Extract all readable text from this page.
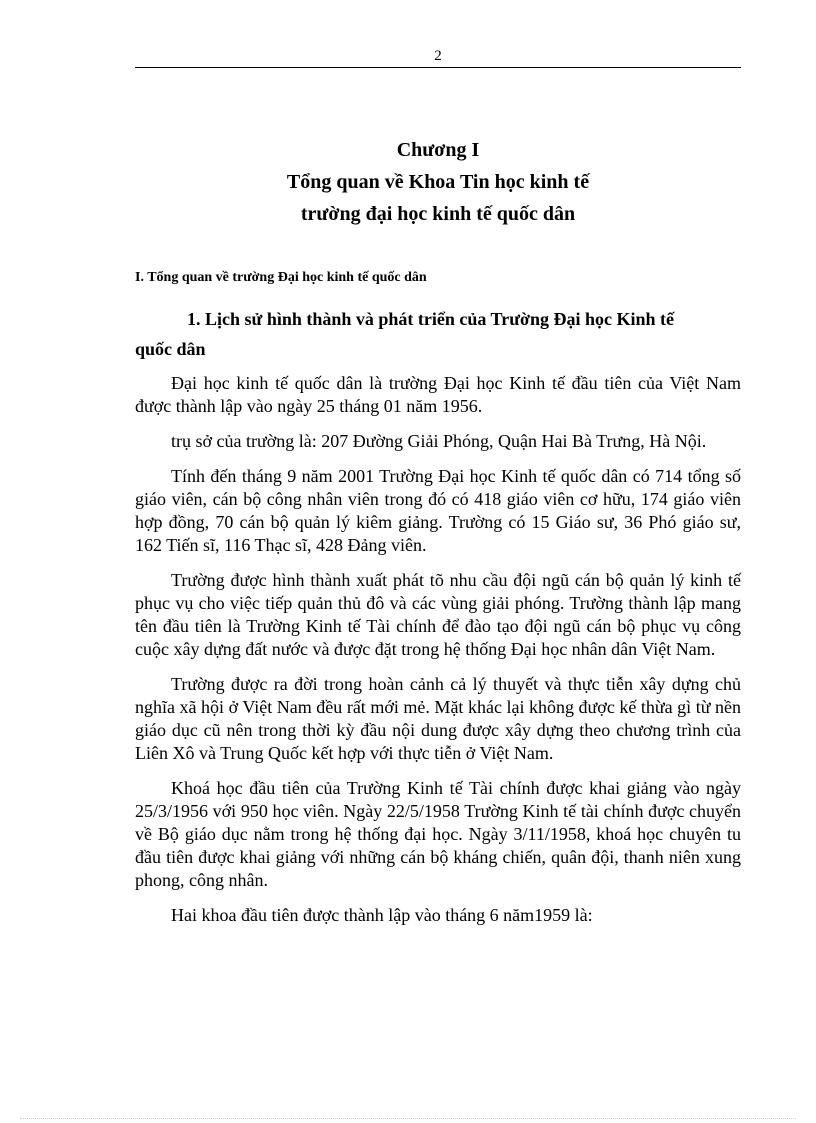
2
Chương I
Tổng quan về Khoa Tin học kinh tế
trường đại học kinh tế quốc dân
I. Tổng quan về trường Đại học kinh tế quốc dân
1. Lịch sử hình thành và phát triển của Trường Đại học Kinh tế
quốc dân

Đại học kinh tế quốc dân là trường Đại học Kinh tế đầu tiên của Việt Nam được thành lập vào ngày 25 tháng 01 năm 1956.

trụ sở của trường là: 207 Đường Giải Phóng, Quận Hai Bà Trưng, Hà Nội.

Tính đến tháng 9 năm 2001 Trường Đại học Kinh tế quốc dân có 714 tổng số giáo viên, cán bộ công nhân viên trong đó có 418 giáo viên cơ hữu, 174 giáo viên hợp đồng, 70 cán bộ quản lý kiêm giảng. Trường có 15 Giáo sư, 36 Phó giáo sư, 162 Tiến sĩ, 116 Thạc sĩ, 428 Đảng viên.

Trường được hình thành xuất phát tõ nhu cầu đội ngũ cán bộ quản lý kinh tế phục vụ cho việc tiếp quản thủ đô và các vùng giải phóng. Trường thành lập mang tên đầu tiên là Trường Kinh tế Tài chính để đào tạo đội ngũ cán bộ phục vụ công cuộc xây dựng đất nước và được đặt trong hệ thống Đại học nhân dân Việt Nam.

Trường được ra đời trong hoàn cảnh cả lý thuyết và thực tiễn xây dựng chủ nghĩa xã hội ở Việt Nam đều rất mới mẻ. Mặt khác lại không được kế thừa gì từ nền giáo dục cũ nên trong thời kỳ đầu nội dung được xây dựng theo chương trình của Liên Xô và Trung Quốc kết hợp với thực tiễn ở Việt Nam.

Khoá học đầu tiên của Trường Kinh tế Tài chính được khai giảng vào ngày 25/3/1956 với 950 học viên. Ngày 22/5/1958 Trường Kinh tế tài chính được chuyển về Bộ giáo dục nằm trong hệ thống đại học. Ngày 3/11/1958, khoá học chuyên tu đầu tiên được khai giảng với những cán bộ kháng chiến, quân đội, thanh niên xung phong, công nhân.

Hai khoa đầu tiên được thành lập vào tháng 6 năm1959 là:
